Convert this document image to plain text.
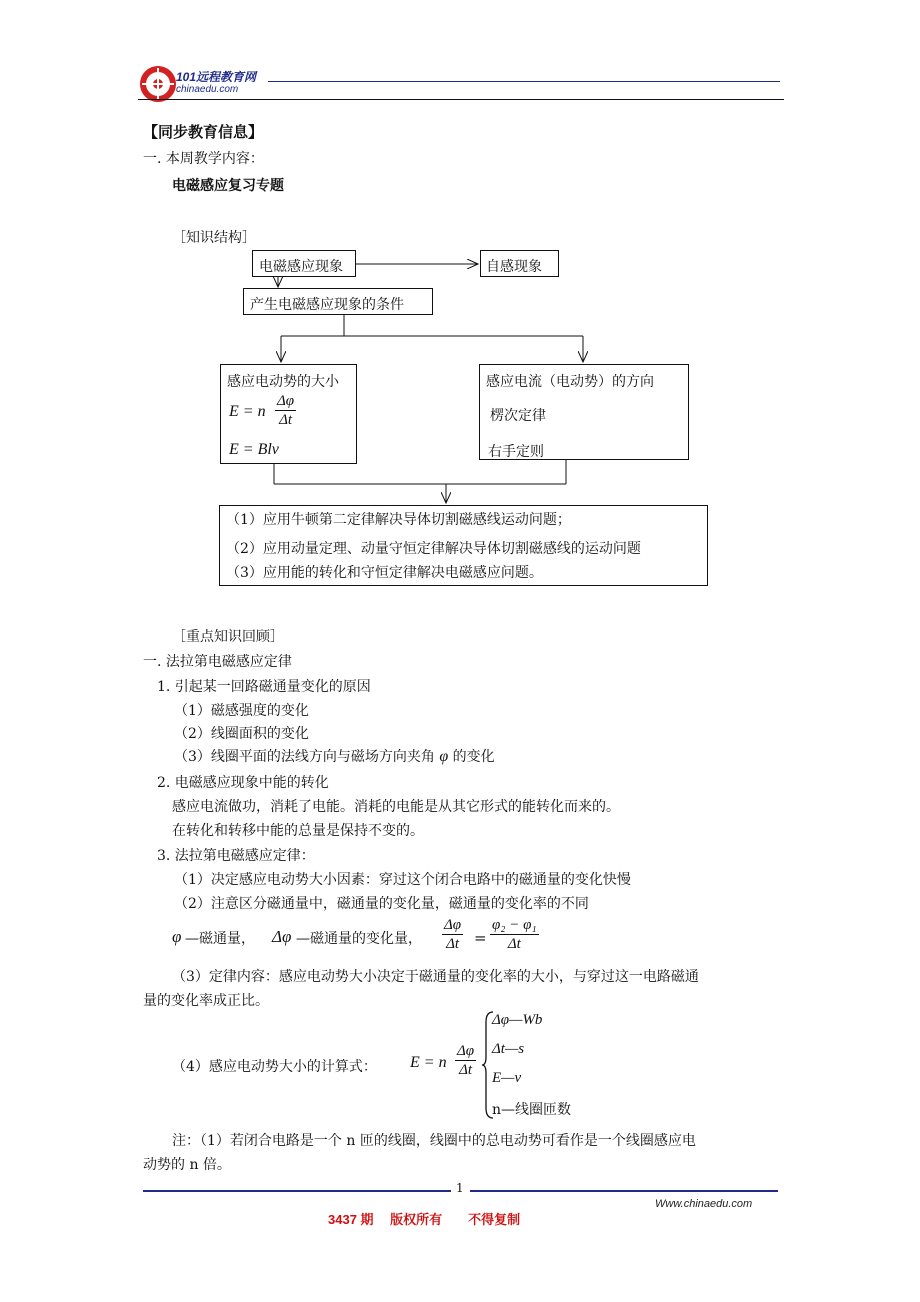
101远程教育网
chinaedu.com
【同步教育信息】
一. 本周教学内容：
电磁感应复习专题
［知识结构］
电磁感应现象	自感现象
产生电磁感应现象的条件
感应电动势的大小
E = n $\frac{\Delta\varphi}{\Delta t}$
E = Blv
感应电流（电动势）的方向
楞次定律
右手定则
（1）应用牛顿第二定律解决导体切割磁感线运动问题；
（2）应用动量定理、动量守恒定律解决导体切割磁感线的运动问题
（3）应用能的转化和守恒定律解决电磁感应问题。
［重点知识回顾］
一. 法拉第电磁感应定律
1. 引起某一回路磁通量变化的原因
（1）磁感强度的变化
（2）线圈面积的变化
（3）线圈平面的法线方向与磁场方向夹角 φ 的变化
2. 电磁感应现象中能的转化
感应电流做功，消耗了电能。消耗的电能是从其它形式的能转化而来的。
在转化和转移中能的总量是保持不变的。
3. 法拉第电磁感应定律：
（1）决定感应电动势大小因素：穿过这个闭合电路中的磁通量的变化快慢
（2）注意区分磁通量中，磁通量的变化量，磁通量的变化率的不同
φ —磁通量， Δφ —磁通量的变化量， $\frac{\Delta\varphi}{\Delta t} = \frac{\text{φ₂ − φ₁}}{\Delta t}$
（3）定律内容：感应电动势大小决定于磁通量的变化率的大小，与穿过这一电路磁通
量的变化率成正比。
（4）感应电动势大小的计算式： E = n $\frac{\Delta\varphi}{\Delta t}$
Δφ—Wb
Δt—s
E—v
n—线圈匝数
注：（1）若闭合电路是一个 n 匝的线圈，线圈中的总电动势可看作是一个线圈感应电
动势的 n 倍。
1
Www.chinaedu.com
3437 期　 版权所有　　不得复制
